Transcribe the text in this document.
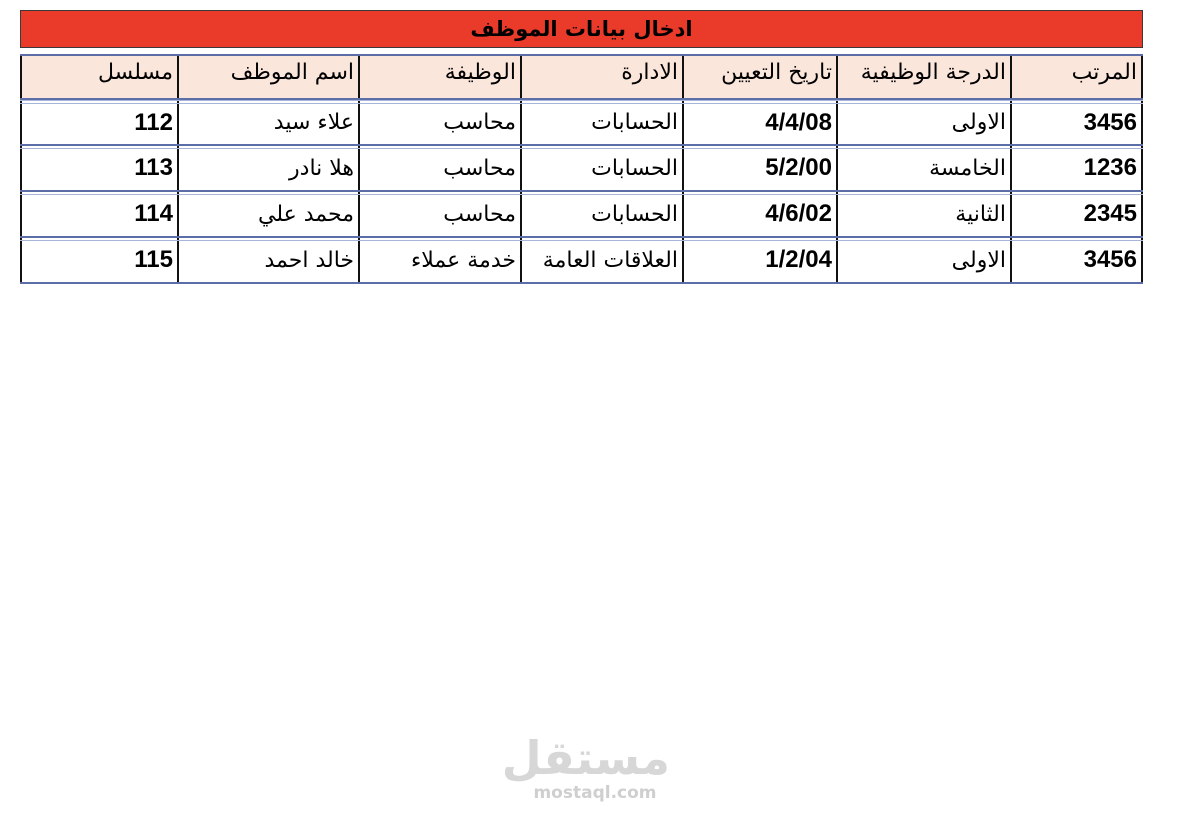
ادخال بيانات الموظف
مسلسل	اسم الموظف	الوظيفة	الادارة	تاريخ التعيين	الدرجة الوظيفية	المرتب
112	علاء سيد	محاسب	الحسابات	4/4/08	الاولى	3456
113	هلا نادر	محاسب	الحسابات	5/2/00	الخامسة	1236
114	محمد علي	محاسب	الحسابات	4/6/02	الثانية	2345
115	خالد احمد	خدمة عملاء	العلاقات العامة	1/2/04	الاولى	3456
مستقل
mostaql.com
